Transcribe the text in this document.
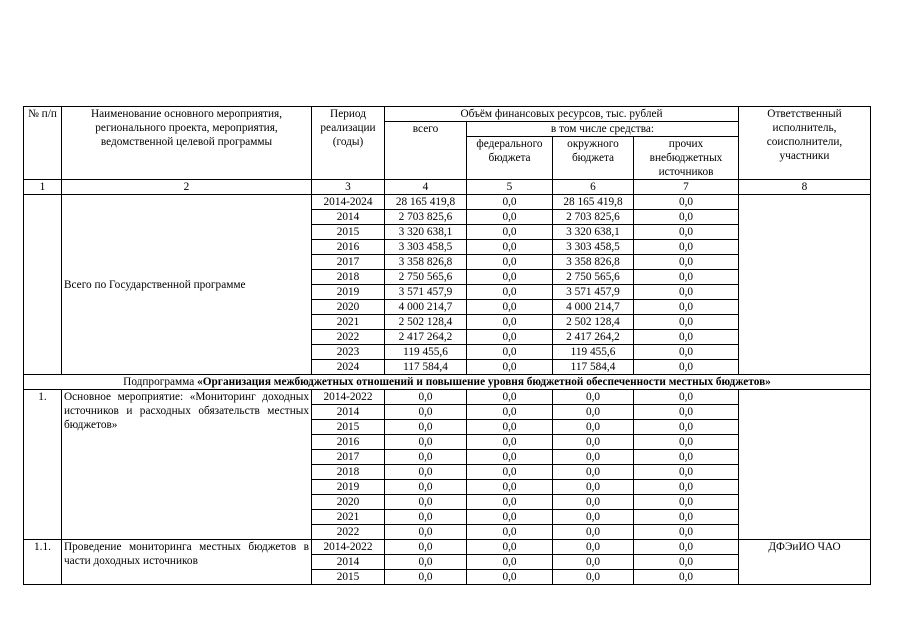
№ п/п	Наименование основного мероприятия, регионального проекта, мероприятия, ведомственной целевой программы	Период реализации (годы)	Объём финансовых ресурсов, тыс. рублей				Ответственный исполнитель, соисполнители, участники
			всего	в том числе средства:			
				федерального бюджета	окружного бюджета	прочих внебюджетных источников	
1	2	3	4	5	6	7	8
	Всего по Государственной программе	2014-2024	28 165 419,8	0,0	28 165 419,8	0,0	
		2014	2 703 825,6	0,0	2 703 825,6	0,0	
		2015	3 320 638,1	0,0	3 320 638,1	0,0	
		2016	3 303 458,5	0,0	3 303 458,5	0,0	
		2017	3 358 826,8	0,0	3 358 826,8	0,0	
		2018	2 750 565,6	0,0	2 750 565,6	0,0	
		2019	3 571 457,9	0,0	3 571 457,9	0,0	
		2020	4 000 214,7	0,0	4 000 214,7	0,0	
		2021	2 502 128,4	0,0	2 502 128,4	0,0	
		2022	2 417 264,2	0,0	2 417 264,2	0,0	
		2023	119 455,6	0,0	119 455,6	0,0	
		2024	117 584,4	0,0	117 584,4	0,0	
Подпрограмма «Организация межбюджетных отношений и повышение уровня бюджетной обеспеченности местных бюджетов»							
1.	Основное мероприятие: «Мониторинг доходных источников и расходных обязательств местных бюджетов»	2014-2022	0,0	0,0	0,0	0,0	
		2014	0,0	0,0	0,0	0,0	
		2015	0,0	0,0	0,0	0,0	
		2016	0,0	0,0	0,0	0,0	
		2017	0,0	0,0	0,0	0,0	
		2018	0,0	0,0	0,0	0,0	
		2019	0,0	0,0	0,0	0,0	
		2020	0,0	0,0	0,0	0,0	
		2021	0,0	0,0	0,0	0,0	
		2022	0,0	0,0	0,0	0,0	
1.1.	Проведение мониторинга местных бюджетов в части доходных источников	2014-2022	0,0	0,0	0,0	0,0	ДФЭиИО ЧАО
		2014	0,0	0,0	0,0	0,0	
		2015	0,0	0,0	0,0	0,0	
